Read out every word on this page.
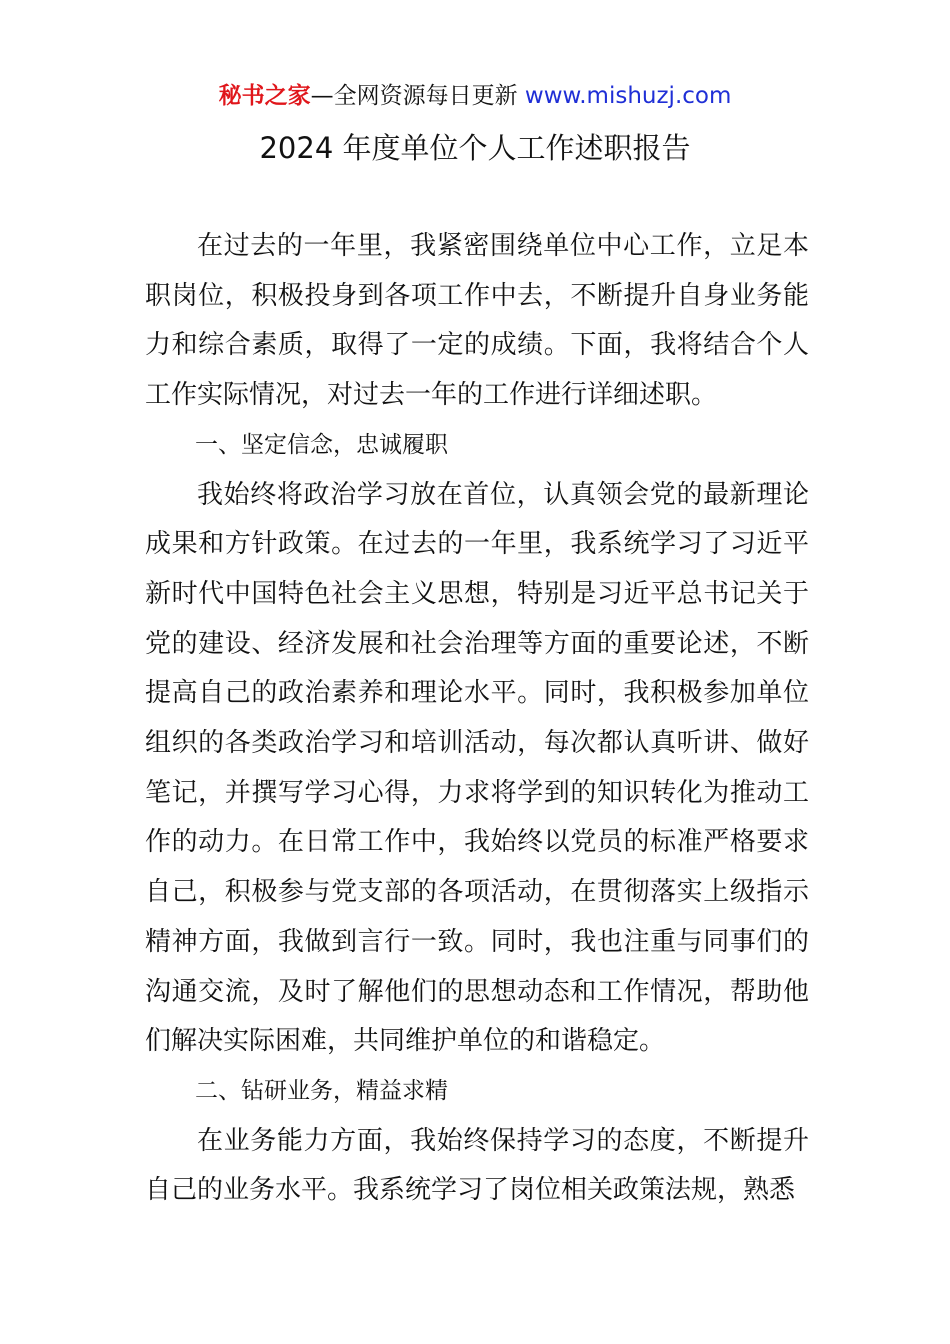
秘书之家—全网资源每日更新 www.mishuzj.com
2024 年度单位个人工作述职报告

在过去的一年里，我紧密围绕单位中心工作，立足本职岗位，积极投身到各项工作中去，不断提升自身业务能力和综合素质，取得了一定的成绩。下面，我将结合个人工作实际情况，对过去一年的工作进行详细述职。

一、坚定信念，忠诚履职

我始终将政治学习放在首位，认真领会党的最新理论成果和方针政策。在过去的一年里，我系统学习了习近平新时代中国特色社会主义思想，特别是习近平总书记关于党的建设、经济发展和社会治理等方面的重要论述，不断提高自己的政治素养和理论水平。同时，我积极参加单位组织的各类政治学习和培训活动，每次都认真听讲、做好笔记，并撰写学习心得，力求将学到的知识转化为推动工作的动力。在日常工作中，我始终以党员的标准严格要求自己，积极参与党支部的各项活动，在贯彻落实上级指示精神方面，我做到言行一致。同时，我也注重与同事们的沟通交流，及时了解他们的思想动态和工作情况，帮助他们解决实际困难，共同维护单位的和谐稳定。

二、钻研业务，精益求精

在业务能力方面，我始终保持学习的态度，不断提升自己的业务水平。我系统学习了岗位相关政策法规，熟悉
